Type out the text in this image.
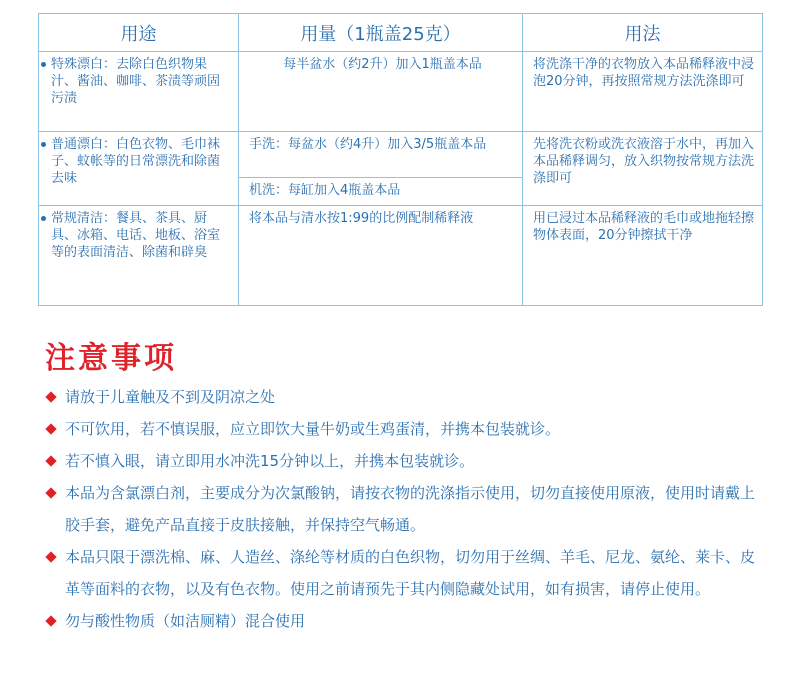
用途	用量（1瓶盖25克）	用法

特殊漂白：去除白色织物果汁、酱油、咖啡、茶渍等顽固污渍	每半盆水（约2升）加入1瓶盖本品	将洗涤干净的衣物放入本品稀释液中浸泡20分钟，再按照常规方法洗涤即可

普通漂白：白色衣物、毛巾袜子、蚊帐等的日常漂洗和除菌去味	手洗：每盆水（约4升）加入3/5瓶盖本品	先将洗衣粉或洗衣液溶于水中，再加入本品稀释调匀，放入织物按常规方法洗涤即可
	机洗：每缸加入4瓶盖本品	

常规清洁：餐具、茶具、厨具、冰箱、电话、地板、浴室等的表面清洁、除菌和辟臭	将本品与清水按1:99的比例配制稀释液	用已浸过本品稀释液的毛巾或地拖轻擦物体表面，20分钟擦拭干净
注意事项
请放于儿童触及不到及阴凉之处
不可饮用，若不慎误服，应立即饮大量牛奶或生鸡蛋清，并携本包装就诊。
若不慎入眼，请立即用水冲洗15分钟以上，并携本包装就诊。
本品为含氯漂白剂，主要成分为次氯酸钠，请按衣物的洗涤指示使用，切勿直接使用原液，使用时请戴上胶手套，避免产品直接于皮肤接触，并保持空气畅通。
本品只限于漂洗棉、麻、人造丝、涤纶等材质的白色织物，切勿用于丝绸、羊毛、尼龙、氨纶、莱卡、皮革等面料的衣物，以及有色衣物。使用之前请预先于其内侧隐藏处试用，如有损害，请停止使用。
勿与酸性物质（如洁厕精）混合使用
